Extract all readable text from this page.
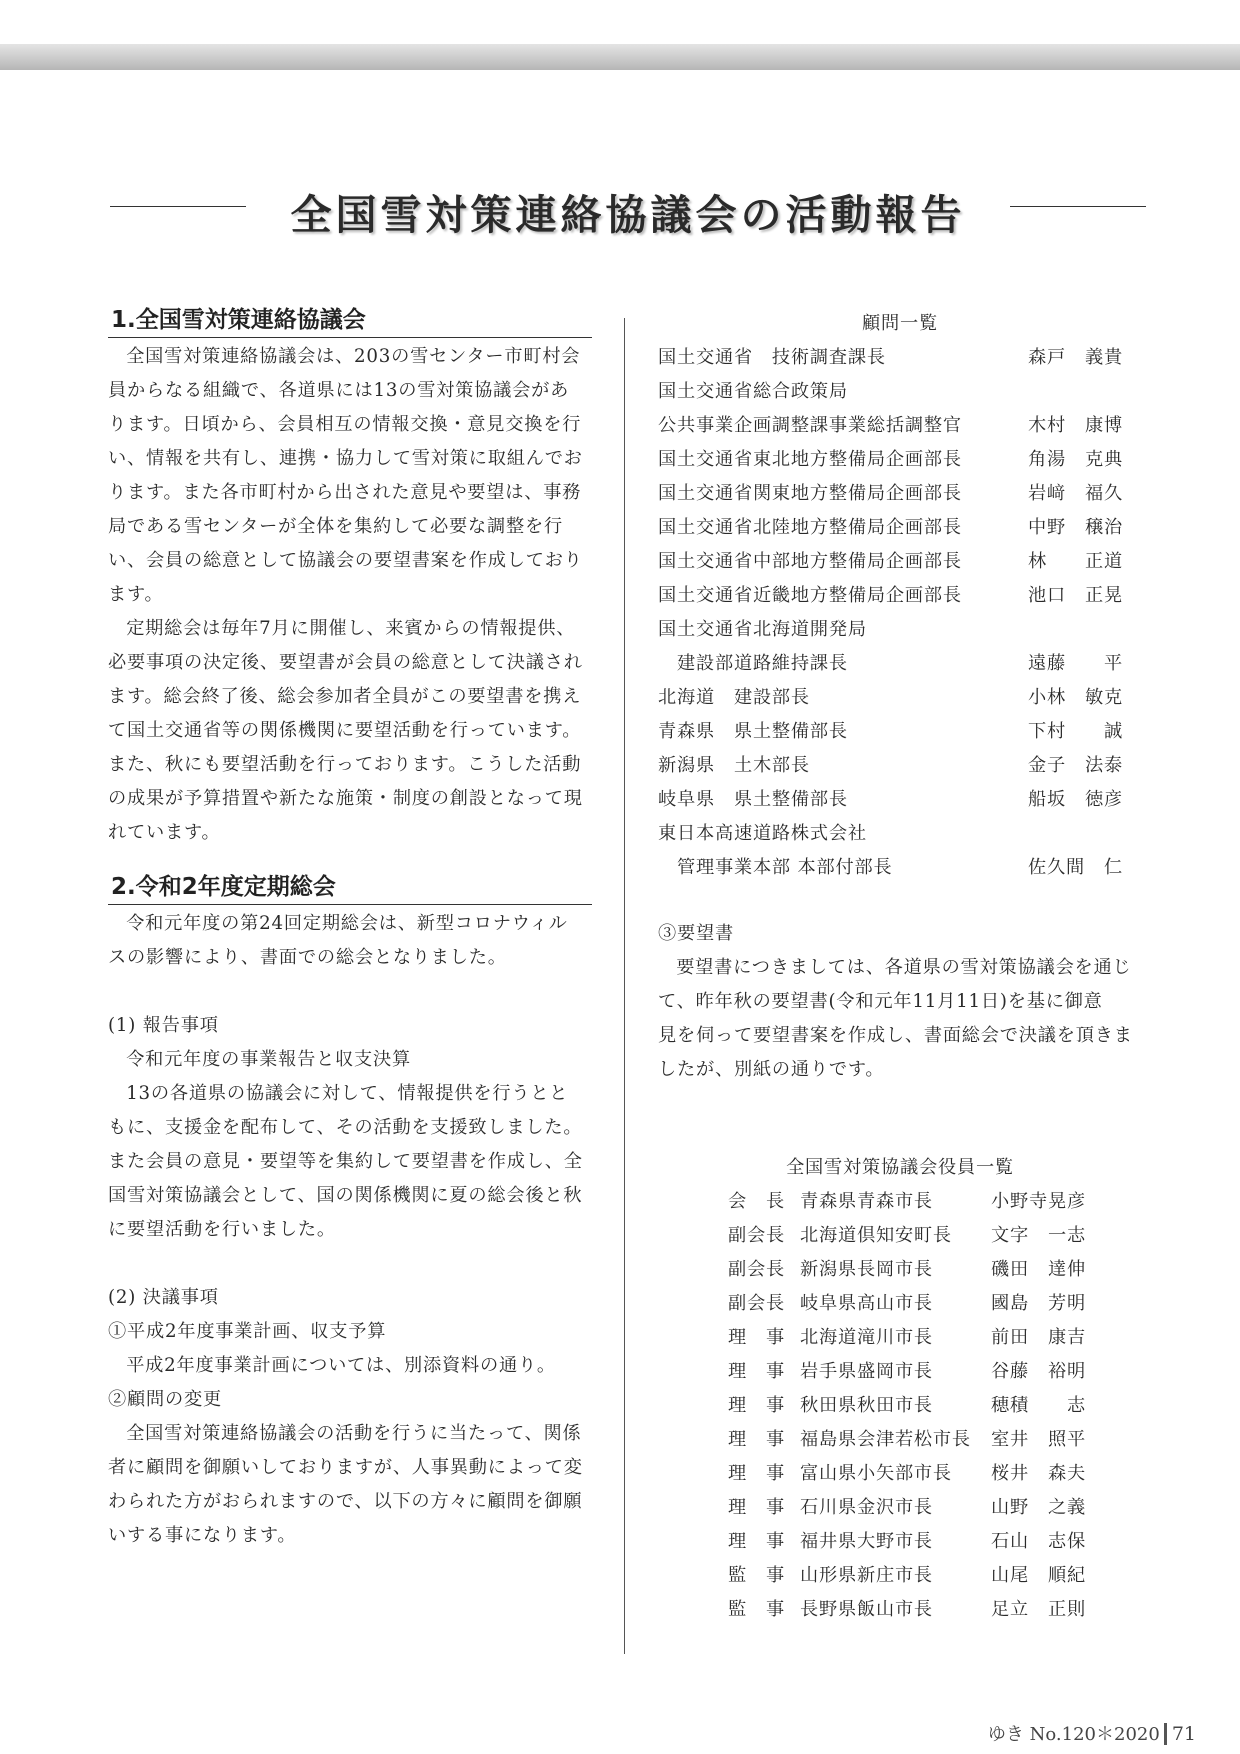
全国雪対策連絡協議会の活動報告
1.全国雪対策連絡協議会

全国雪対策連絡協議会は、203の雪センター市町村会

員からなる組織で、各道県には13の雪対策協議会があ

ります。日頃から、会員相互の情報交換・意見交換を行

い、情報を共有し、連携・協力して雪対策に取組んでお

ります。また各市町村から出された意見や要望は、事務

局である雪センターが全体を集約して必要な調整を行

い、会員の総意として協議会の要望書案を作成しており

ます。

定期総会は毎年7月に開催し、来賓からの情報提供、

必要事項の決定後、要望書が会員の総意として決議され

ます。総会終了後、総会参加者全員がこの要望書を携え

て国土交通省等の関係機関に要望活動を行っています。

また、秋にも要望活動を行っております。こうした活動

の成果が予算措置や新たな施策・制度の創設となって現

れています。

2.令和2年度定期総会

令和元年度の第24回定期総会は、新型コロナウィル

スの影響により、書面での総会となりました。

(1) 報告事項

令和元年度の事業報告と収支決算

13の各道県の協議会に対して、情報提供を行うとと

もに、支援金を配布して、その活動を支援致しました。

また会員の意見・要望等を集約して要望書を作成し、全

国雪対策協議会として、国の関係機関に夏の総会後と秋

に要望活動を行いました。

(2) 決議事項

①平成2年度事業計画、収支予算

平成2年度事業計画については、別添資料の通り。

②顧問の変更

全国雪対策連絡協議会の活動を行うに当たって、関係

者に顧問を御願いしておりますが、人事異動によって変

わられた方がおられますので、以下の方々に顧問を御願

いする事になります。

顧問一覧
国土交通省　技術調査課長	森戸　義貴
国土交通省総合政策局
公共事業企画調整課事業総括調整官	木村　康博
国土交通省東北地方整備局企画部長	角湯　克典
国土交通省関東地方整備局企画部長	岩﨑　福久
国土交通省北陸地方整備局企画部長	中野　穣治
国土交通省中部地方整備局企画部長	林　　正道
国土交通省近畿地方整備局企画部長	池口　正晃
国土交通省北海道開発局
　建設部道路維持課長	遠藤　　平
北海道　建設部長	小林　敏克
青森県　県土整備部長	下村　　誠
新潟県　土木部長	金子　法泰
岐阜県　県土整備部長	船坂　徳彦
東日本高速道路株式会社
　管理事業本部 本部付部長	佐久間　仁

③要望書

要望書につきましては、各道県の雪対策協議会を通じ

て、昨年秋の要望書(令和元年11月11日)を基に御意

見を伺って要望書案を作成し、書面総会で決議を頂きま

したが、別紙の通りです。

全国雪対策協議会役員一覧
会　長 青森県青森市長	小野寺晃彦
副会長 北海道倶知安町長	文字　一志
副会長 新潟県長岡市長	磯田　達伸
副会長 岐阜県高山市長	國島　芳明
理　事 北海道滝川市長	前田　康吉
理　事 岩手県盛岡市長	谷藤　裕明
理　事 秋田県秋田市長	穂積　　志
理　事 福島県会津若松市長	室井　照平
理　事 富山県小矢部市長	桜井　森夫
理　事 石川県金沢市長	山野　之義
理　事 福井県大野市長	石山　志保
監　事 山形県新庄市長	山尾　順紀
監　事 長野県飯山市長	足立　正則
ゆき No.120＊2020 71
